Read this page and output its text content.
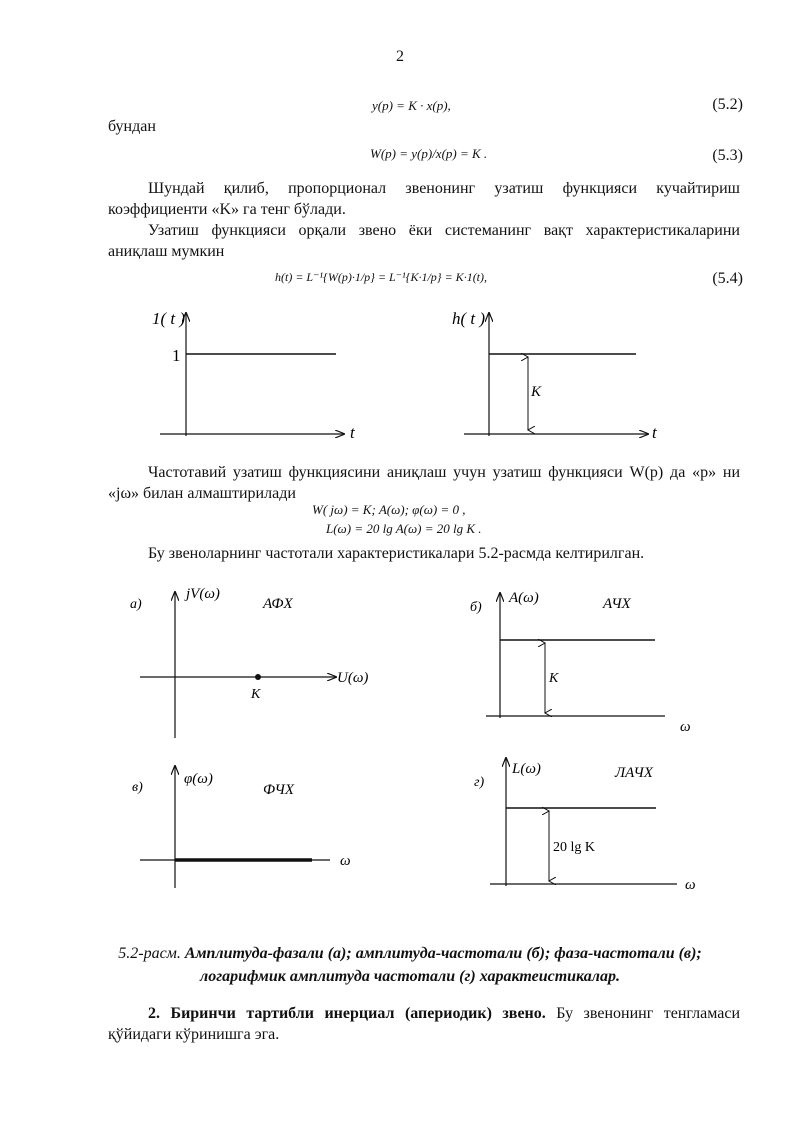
2
y(p) = K · x(p),	(5.2)
бундан
W(p) = y(p)/x(p) = K .	(5.3)
Шундай қилиб, пропорционал звенонинг узатиш функцияси кучайтириш коэффициенти «K» га тенг бўлади.
Узатиш функцияси орқали звено ёки системанинг вақт характеристикаларини аниқлаш мумкин
h(t) = L⁻¹{W(p)·1/p} = L⁻¹{K·1/p} = K·1(t),	(5.4)
1( t )
1
t
h( t )
K
t
Частотавий узатиш функциясини аниқлаш учун узатиш функцияси W(p) да «p» ни «jω» билан алмаштирилади
W( jω) = K; A(ω); φ(ω) = 0 ,
L(ω) = 20 lg A(ω) = 20 lg K .
Бу звеноларнинг частотали характеристикалари 5.2-расмда келтирилган.
а)
jV(ω)
АФХ
U(ω)
K
б)
A(ω)	АЧХ
K
ω
в)
φ(ω)
ФЧХ
ω
г)
L(ω)	ЛАЧХ
20 lg K
ω
5.2-расм. Амплитуда-фазали (а); амплитуда-частотали (б); фаза-частотали (в);
логарифмик амплитуда частотали (г) характеистикалар.
2. Биринчи тартибли инерциал (апериодик) звено. Бу звенонинг тенгламаси қўйидаги кўринишга эга.
